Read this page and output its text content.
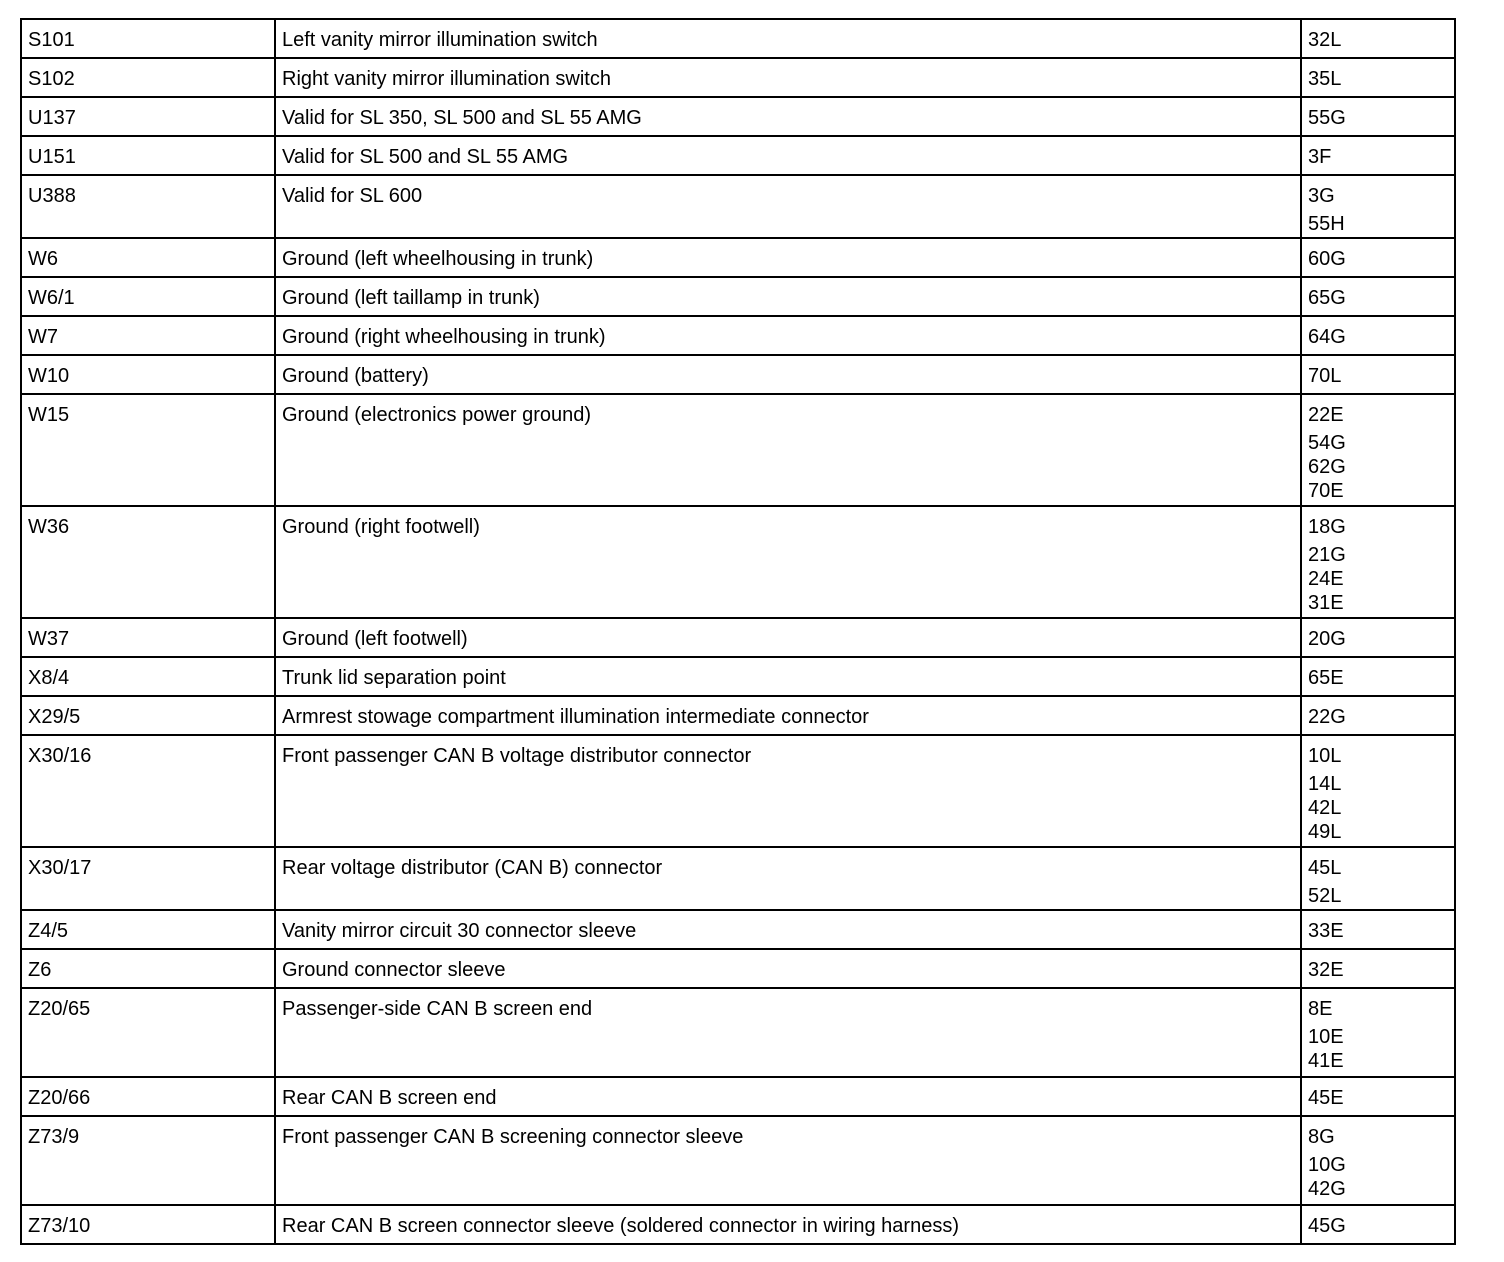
S101	Left vanity mirror illumination switch	32L

S102	Right vanity mirror illumination switch	35L

U137	Valid for SL 350, SL 500 and SL 55 AMG	55G

U151	Valid for SL 500 and SL 55 AMG	3F

U388	Valid for SL 600	3G
55H

W6	Ground (left wheelhousing in trunk)	60G

W6/1	Ground (left taillamp in trunk)	65G

W7	Ground (right wheelhousing in trunk)	64G

W10	Ground (battery)	70L

W15	Ground (electronics power ground)	22E
54G
62G
70E

W36	Ground (right footwell)	18G
21G
24E
31E

W37	Ground (left footwell)	20G

X8/4	Trunk lid separation point	65E

X29/5	Armrest stowage compartment illumination intermediate connector	22G

X30/16	Front passenger CAN B voltage distributor connector	10L
14L
42L
49L

X30/17	Rear voltage distributor (CAN B) connector	45L
52L

Z4/5	Vanity mirror circuit 30 connector sleeve	33E

Z6	Ground connector sleeve	32E

Z20/65	Passenger-side CAN B screen end	8E
10E
41E

Z20/66	Rear CAN B screen end	45E

Z73/9	Front passenger CAN B screening connector sleeve	8G
10G
42G

Z73/10	Rear CAN B screen connector sleeve (soldered connector in wiring harness)	45G
